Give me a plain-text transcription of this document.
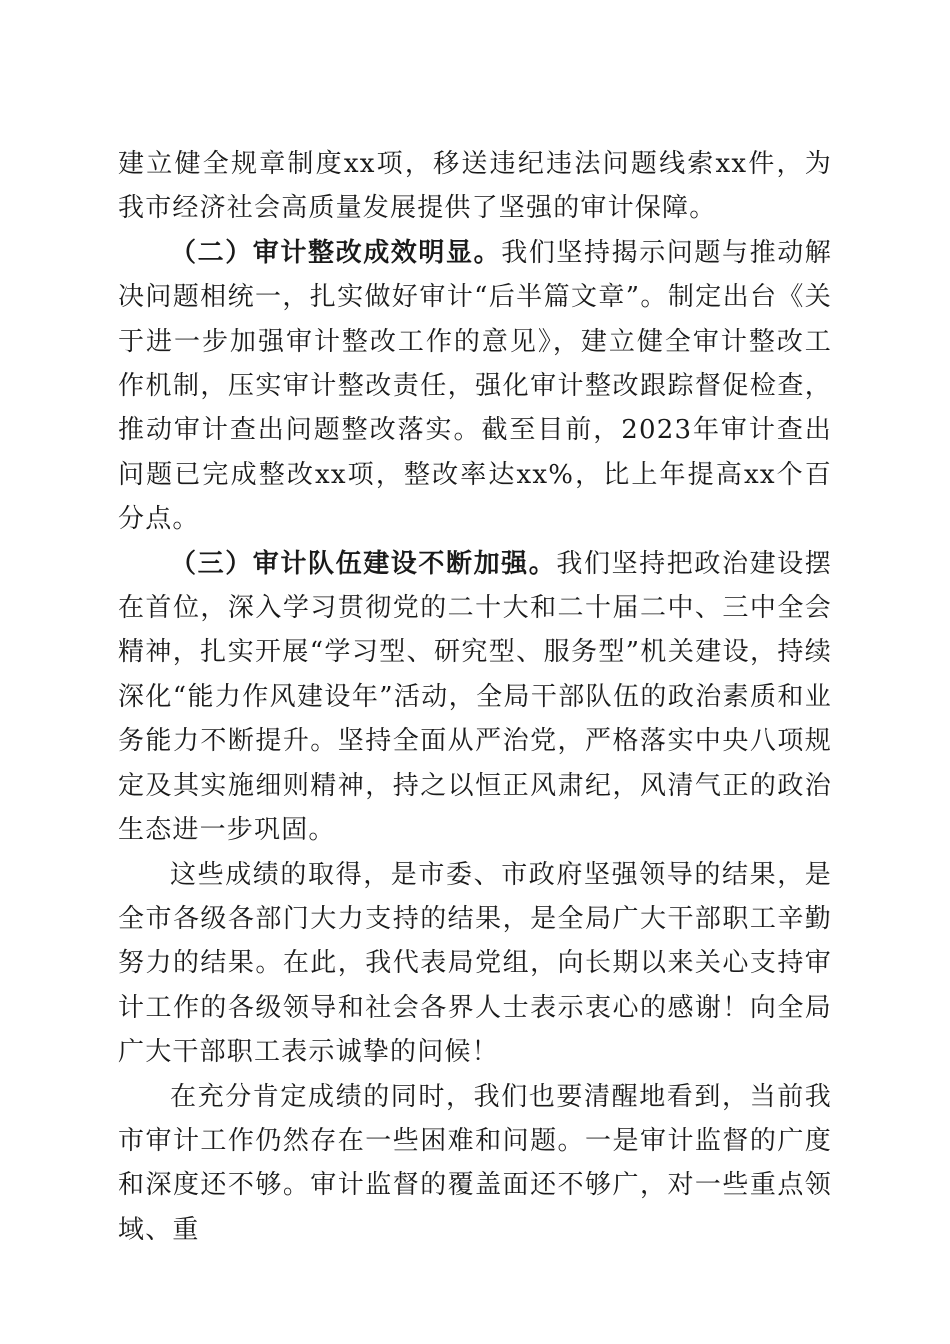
建立健全规章制度xx项，移送违纪违法问题线索xx件，为我市经济社会高质量发展提供了坚强的审计保障。

（二）审计整改成效明显。我们坚持揭示问题与推动解决问题相统一，扎实做好审计“后半篇文章”。制定出台《关于进一步加强审计整改工作的意见》，建立健全审计整改工作机制，压实审计整改责任，强化审计整改跟踪督促检查，推动审计查出问题整改落实。截至目前，2023年审计查出问题已完成整改xx项，整改率达xx%，比上年提高xx个百分点。

（三）审计队伍建设不断加强。我们坚持把政治建设摆在首位，深入学习贯彻党的二十大和二十届二中、三中全会精神，扎实开展“学习型、研究型、服务型”机关建设，持续深化“能力作风建设年”活动，全局干部队伍的政治素质和业务能力不断提升。坚持全面从严治党，严格落实中央八项规定及其实施细则精神，持之以恒正风肃纪，风清气正的政治生态进一步巩固。

这些成绩的取得，是市委、市政府坚强领导的结果，是全市各级各部门大力支持的结果，是全局广大干部职工辛勤努力的结果。在此，我代表局党组，向长期以来关心支持审计工作的各级领导和社会各界人士表示衷心的感谢！向全局广大干部职工表示诚挚的问候！

在充分肯定成绩的同时，我们也要清醒地看到，当前我市审计工作仍然存在一些困难和问题。一是审计监督的广度和深度还不够。审计监督的覆盖面还不够广，对一些重点领域、重
